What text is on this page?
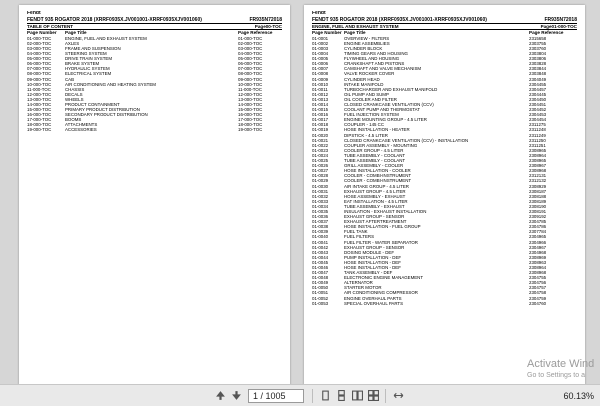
Fendt
FENDT 935 ROGATOR 2018 (XRRF0935X.JV001001-XRRF0935XJV001060)	FR935N72018
TABLE OF CONTENT	Page00-TOC
Page Number	Page Title	Page Reference
01-000-TOC	ENGINE, FUEL AND EXHAUST SYSTEM	01-000-TOC
02-000-TOC	AXLES	02-000-TOC
03-000-TOC	FRAME AND SUSPENSION	03-000-TOC
04-000-TOC	STEERING SYSTEM	04-000-TOC
05-000-TOC	DRIVE TRAIN SYSTEM	05-000-TOC
06-000-TOC	BRAKE SYSTEM	06-000-TOC
07-000-TOC	HYDRAULIC SYSTEM	07-000-TOC
08-000-TOC	ELECTRICAL SYSTEM	08-000-TOC
09-000-TOC	CAB	09-000-TOC
10-000-TOC	AIR CONDITIONING AND HEATING SYSTEM	10-000-TOC
11-000-TOC	CHASSIS	11-000-TOC
12-000-TOC	DECALS	12-000-TOC
13-000-TOC	WHEELS	13-000-TOC
14-000-TOC	PRODUCT CONTAINMENT	14-000-TOC
15-000-TOC	PRIMARY PRODUCT DISTRIBUTION	15-000-TOC
16-000-TOC	SECONDARY PRODUCT DISTRIBUTION	16-000-TOC
17-000-TOC	BOOMS	17-000-TOC
18-000-TOC	ATTACHMENTS	18-000-TOC
19-000-TOC	ACCESSORIES	19-000-TOC
Fendt
FENDT 935 ROGATOR 2018 (XRRF0935X.JV001001-XRRF0935XJV001060)	FR935N72018
ENGINE, FUEL AND EXHAUST SYSTEM	Page01-000-TOC
Page Number Page Title	Page Reference
01-0001	OVERVIEW - FILTERS	2315658
01-0002	ENGINE ASSEMBLIES	2303755
01-0003	CYLINDER BLOCK	2303760
01-0004	TIMING GEARS AND HOUSING	2303804
01-0005	FLYWHEEL AND HOUSING	2303806
01-0006	CRANKSHAFT AND PISTONS	2303828
01-0007	CAMSHAFT AND VALVE MECHANISM	2303844
01-0008	VALVE ROCKER COVER	2303848
01-0009	CYLINDER HEAD	2304049
01-0010	INTAKE MANIFOLD	2304455
01-0011	TURBOCHARGER AND EXHAUST MANIFOLD	2304457
01-0012	OIL PUMP AND SUMP	2304445
01-0013	OIL COOLER AND FILTER	2304450
01-0014	CLOSED CRANKCASE VENTILATION (CCV)	2304451
01-0015	COOLANT PUMP AND THERMOSTAT	2304452
01-0016	FUEL INJECTION SYSTEM	2304453
01-0017	ENGINE MOUNTING GROUP - 4.5 LITER	2304454
01-0018	COUPLER - 145 CC	2311275
01-0019	HOSE INSTALLATION - HEATER	2311248
01-0020	DIPSTICK - 4.5 LITER	2311249
01-0021	CLOSED CRANKCASE VENTILATION (CCV) - INSTALLATION	2311250
01-0022	COUPLER ASSEMBLY - MOUNTING	2311251
01-0023	COOLER GROUP - 4.5 LITER	2308965
01-0024	TUBE ASSEMBLY - COOLANT	2308964
01-0025	TUBE ASSEMBLY - COOLANT	2308965
01-0026	GRILL ASSEMBLY - COOLER	2308967
01-0027	HOSE INSTALLATION - COOLER	2308968
01-0028	COOLER - COMBI-INSTRUMENT	2312131
01-0029	COOLER - COMBI-INSTRUMENT	2312132
01-0030	AIR INTAKE GROUP - 4.5 LITER	2308929
01-0031	EXHAUST GROUP - 4.5 LITER	2308187
01-0032	HOSE ASSEMBLY - EXHAUST	2308188
01-0033	EAT INSTALLATION - 4.5 LITER	2308189
01-0034	TUBE ASSEMBLY - EXHAUST	2308190
01-0035	INSULATION - EXHAUST INSTALLATION	2308191
01-0036	EXHAUST GROUP - SENSOR	2309192
01-0037	EXHAUST AFTERTREATMENT	2304785
01-0038	HOSE INSTALLATION - FUEL GROUP	2304786
01-0039	FUEL TANK	2307784
01-0040	FUEL FILTERS	2304965
01-0041	FUEL FILTER - WATER SEPARATOR	2304966
01-0042	EXHAUST GROUP - SENSOR	2304967
01-0043	DOSING MODULE - DEF	2304968
01-0044	PUMP INSTALLATION - DEF	2308969
01-0045	HOSE INSTALLATION - DEF	2308963
01-0046	HOSE INSTALLATION - DEF	2308964
01-0047	TANK ASSEMBLY - DEF	2308968
01-0048	ELECTRONIC ENGINE MANAGEMENT	2304755
01-0049	ALTERNATOR	2304756
01-0050	STARTER MOTOR	2304757
01-0051	AIR CONDITIONING COMPRESSOR	2304758
01-0052	ENGINE OVERHAUL PARTS	2304759
01-0053	SPECIAL OVERHAUL PARTS	2304760
Activate Wind
Go to Settings to a
1 / 1005	60.13%
